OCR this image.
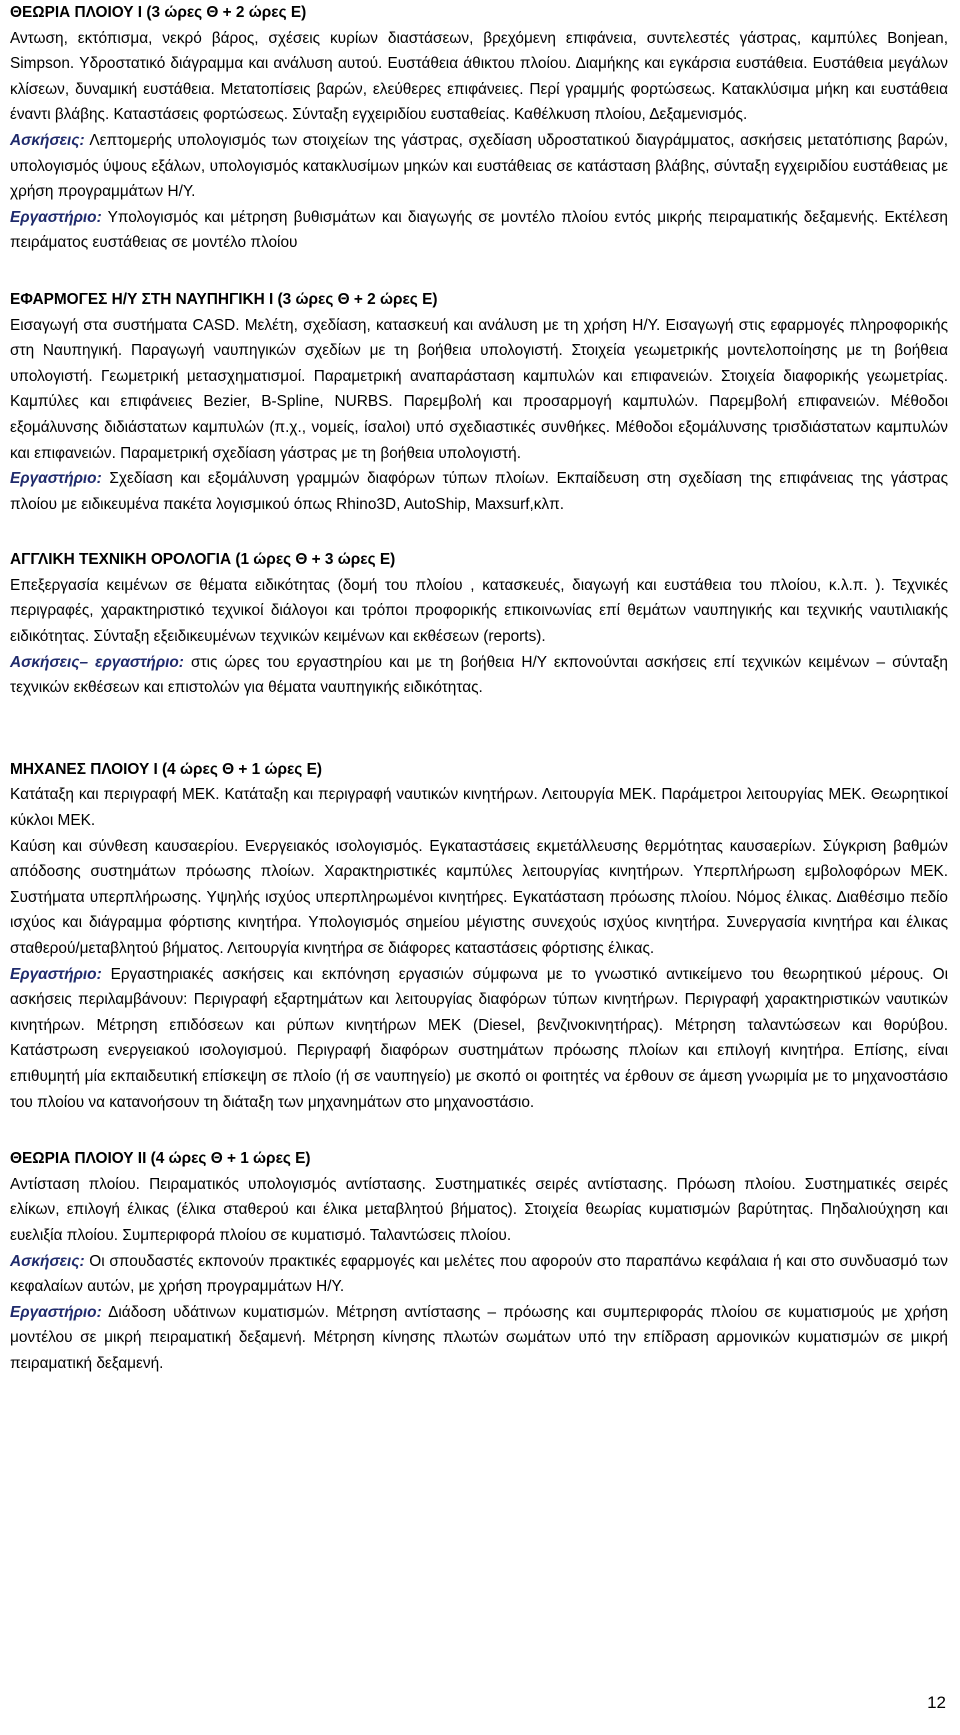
ΘΕΩΡΙΑ ΠΛΟΙΟΥ Ι (3 ώρες Θ + 2 ώρες Ε)

Αντωση, εκτόπισμα, νεκρό βάρος, σχέσεις κυρίων διαστάσεων, βρεχόμενη επιφάνεια, συντελεστές γάστρας, καμπύλες Bonjean, Simpson. Υδροστατικό διάγραμμα και ανάλυση αυτού. Ευστάθεια άθικτου πλοίου. Διαμήκης και εγκάρσια ευστάθεια. Ευστάθεια μεγάλων κλίσεων, δυναμική ευστάθεια. Μετατοπίσεις βαρών, ελεύθερες επιφάνειες. Περί γραμμής φορτώσεως. Κατακλύσιμα μήκη και ευστάθεια έναντι βλάβης. Καταστάσεις φορτώσεως. Σύνταξη εγχειριδίου ευσταθείας. Καθέλκυση πλοίου, Δεξαμενισμός.

Ασκήσεις: Λεπτομερής υπολογισμός των στοιχείων της γάστρας, σχεδίαση υδροστατικού διαγράμματος, ασκήσεις μετατόπισης βαρών, υπολογισμός ύψους εξάλων, υπολογισμός κατακλυσίμων μηκών και ευστάθειας σε κατάσταση βλάβης, σύνταξη εγχειριδίου ευστάθειας με χρήση προγραμμάτων Η/Υ.

Εργαστήριο: Υπολογισμός και μέτρηση βυθισμάτων και διαγωγής σε μοντέλο πλοίου εντός μικρής πειραματικής δεξαμενής. Εκτέλεση πειράματος ευστάθειας σε μοντέλο πλοίου

ΕΦΑΡΜΟΓΕΣ Η/Υ ΣΤΗ ΝΑΥΠΗΓΙΚΗ Ι (3 ώρες Θ + 2 ώρες Ε)

Εισαγωγή στα συστήματα CASD. Μελέτη, σχεδίαση, κατασκευή και ανάλυση με τη χρήση Η/Υ. Εισαγωγή στις εφαρμογές πληροφορικής στη Ναυπηγική. Παραγωγή ναυπηγικών σχεδίων με τη βοήθεια υπολογιστή. Στοιχεία γεωμετρικής μοντελοποίησης με τη βοήθεια υπολογιστή. Γεωμετρική μετασχηματισμοί. Παραμετρική αναπαράσταση καμπυλών και επιφανειών. Στοιχεία διαφορικής γεωμετρίας. Καμπύλες και επιφάνειες Bezier, B-Spline, NURBS. Παρεμβολή και προσαρμογή καμπυλών. Παρεμβολή επιφανειών. Μέθοδοι εξομάλυνσης διδιάστατων καμπυλών (π.χ., νομείς, ίσαλοι) υπό σχεδιαστικές συνθήκες. Μέθοδοι εξομάλυνσης τρισδιάστατων καμπυλών και επιφανειών. Παραμετρική σχεδίαση γάστρας με τη βοήθεια υπολογιστή.

Εργαστήριο: Σχεδίαση και εξομάλυνση γραμμών διαφόρων τύπων πλοίων. Εκπαίδευση στη σχεδίαση της επιφάνειας της γάστρας πλοίου με ειδικευμένα πακέτα λογισμικού όπως Rhino3D, AutoShip, Maxsurf,κλπ.

ΑΓΓΛΙΚΗ ΤΕΧΝΙΚΗ ΟΡΟΛΟΓΙΑ (1 ώρες Θ + 3 ώρες Ε)

Επεξεργασία κειμένων σε θέματα ειδικότητας (δομή του πλοίου , κατασκευές, διαγωγή και ευστάθεια του πλοίου, κ.λ.π. ). Τεχνικές περιγραφές, χαρακτηριστικό τεχνικοί διάλογοι και τρόποι προφορικής επικοινωνίας επί θεμάτων ναυπηγικής και τεχνικής ναυτιλιακής ειδικότητας. Σύνταξη εξειδικευμένων τεχνικών κειμένων και εκθέσεων (reports).

Ασκήσεις– εργαστήριο: στις ώρες του εργαστηρίου και με τη βοήθεια Η/Υ εκπονούνται ασκήσεις επί τεχνικών κειμένων – σύνταξη τεχνικών εκθέσεων και επιστολών για θέματα ναυπηγικής ειδικότητας.

ΜΗΧΑΝΕΣ ΠΛΟΙΟΥ Ι (4 ώρες Θ + 1 ώρες Ε)

Κατάταξη και περιγραφή ΜΕΚ. Κατάταξη και περιγραφή ναυτικών κινητήρων. Λειτουργία ΜΕΚ. Παράμετροι λειτουργίας ΜΕΚ. Θεωρητικοί κύκλοι ΜΕΚ.

Καύση και σύνθεση καυσαερίου. Ενεργειακός ισολογισμός. Εγκαταστάσεις εκμετάλλευσης θερμότητας καυσαερίων. Σύγκριση βαθμών απόδοσης συστημάτων πρόωσης πλοίων. Χαρακτηριστικές καμπύλες λειτουργίας κινητήρων. Υπερπλήρωση εμβολοφόρων ΜΕΚ. Συστήματα υπερπλήρωσης. Υψηλής ισχύος υπερπληρωμένοι κινητήρες. Εγκατάσταση πρόωσης πλοίου. Νόμος έλικας. Διαθέσιμο πεδίο ισχύος και διάγραμμα φόρτισης κινητήρα. Υπολογισμός σημείου μέγιστης συνεχούς ισχύος κινητήρα. Συνεργασία κινητήρα και έλικας σταθερού/μεταβλητού βήματος. Λειτουργία κινητήρα σε διάφορες καταστάσεις φόρτισης έλικας.

Εργαστήριο: Εργαστηριακές ασκήσεις και εκπόνηση εργασιών σύμφωνα με το γνωστικό αντικείμενο του θεωρητικού μέρους. Οι ασκήσεις περιλαμβάνουν: Περιγραφή εξαρτημάτων και λειτουργίας διαφόρων τύπων κινητήρων. Περιγραφή χαρακτηριστικών ναυτικών κινητήρων. Μέτρηση επιδόσεων και ρύπων κινητήρων ΜΕΚ (Diesel, βενζινοκινητήρας). Μέτρηση ταλαντώσεων και θορύβου. Κατάστρωση ενεργειακού ισολογισμού. Περιγραφή διαφόρων συστημάτων πρόωσης πλοίων και επιλογή κινητήρα. Επίσης, είναι επιθυμητή μία εκπαιδευτική επίσκεψη σε πλοίο (ή σε ναυπηγείο) με σκοπό οι φοιτητές να έρθουν σε άμεση γνωριμία με το μηχανοστάσιο του πλοίου να κατανοήσουν τη διάταξη των μηχανημάτων στο μηχανοστάσιο.

ΘΕΩΡΙΑ ΠΛΟΙΟΥ ΙΙ (4 ώρες Θ + 1 ώρες Ε)

Αντίσταση πλοίου. Πειραματικός υπολογισμός αντίστασης. Συστηματικές σειρές αντίστασης. Πρόωση πλοίου. Συστηματικές σειρές ελίκων, επιλογή έλικας (έλικα σταθερού και έλικα μεταβλητού βήματος). Στοιχεία θεωρίας κυματισμών βαρύτητας. Πηδαλιούχηση και ευελιξία πλοίου. Συμπεριφορά πλοίου σε κυματισμό. Ταλαντώσεις πλοίου.

Ασκήσεις: Οι σπουδαστές εκπονούν πρακτικές εφαρμογές και μελέτες που αφορούν στο παραπάνω κεφάλαια ή και στο συνδυασμό των κεφαλαίων αυτών, με χρήση προγραμμάτων Η/Υ.

Εργαστήριο: Διάδοση υδάτινων κυματισμών. Μέτρηση αντίστασης – πρόωσης και συμπεριφοράς πλοίου σε κυματισμούς με χρήση μοντέλου σε μικρή πειραματική δεξαμενή. Μέτρηση κίνησης πλωτών σωμάτων υπό την επίδραση αρμονικών κυματισμών σε μικρή πειραματική δεξαμενή.

12
